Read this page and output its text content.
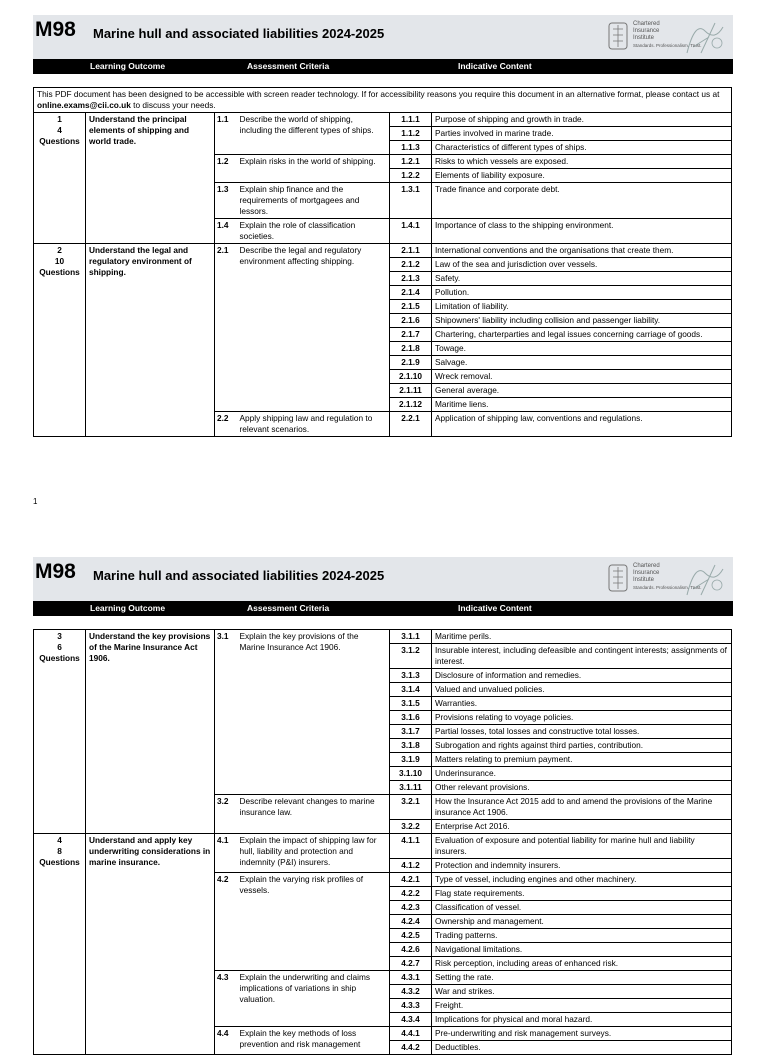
M98 Marine hull and associated liabilities 2024-2025
Chartered
Insurance
Institute
Standards. Professionalism. Trust.
Learning Outcome	Assessment Criteria	Indicative Content
This PDF document has been designed to be accessible with screen reader technology. If for accessibility reasons you require this document in an alternative format, please contact us at online.exams@cii.co.uk to discuss your needs.					

1
4
Questions	Understand the principal elements of shipping and world trade.	1.1	Describe the world of shipping, including the different types of ships.	1.1.1	Purpose of shipping and growth in trade.
				1.1.2	Parties involved in marine trade.
				1.1.3	Characteristics of different types of ships.
		1.2	Explain risks in the world of shipping.	1.2.1	Risks to which vessels are exposed.
				1.2.2	Elements of liability exposure.
		1.3	Explain ship finance and the requirements of mortgagees and lessors.	1.3.1	Trade finance and corporate debt.
		1.4	Explain the role of classification societies.	1.4.1	Importance of class to the shipping environment.

2
10
Questions	Understand the legal and regulatory environment of shipping.	2.1	Describe the legal and regulatory environment affecting shipping.	2.1.1	International conventions and the organisations that create them.
				2.1.2	Law of the sea and jurisdiction over vessels.
				2.1.3	Safety.
				2.1.4	Pollution.
				2.1.5	Limitation of liability.
				2.1.6	Shipowners' liability including collision and passenger liability.
				2.1.7	Chartering, charterparties and legal issues concerning carriage of goods.
				2.1.8	Towage.
				2.1.9	Salvage.
				2.1.10	Wreck removal.
				2.1.11	General average.
				2.1.12	Maritime liens.
		2.2	Apply shipping law and regulation to relevant scenarios.	2.2.1	Application of shipping law, conventions and regulations.
1
M98 Marine hull and associated liabilities 2024-2025
Chartered
Insurance
Institute
Standards. Professionalism. Trust.
Learning Outcome	Assessment Criteria	Indicative Content
3
6
Questions	Understand the key provisions of the Marine Insurance Act 1906.	3.1	Explain the key provisions of the Marine Insurance Act 1906.	3.1.1	Maritime perils.
				3.1.2	Insurable interest, including defeasible and contingent interests; assignments of interest.
				3.1.3	Disclosure of information and remedies.
				3.1.4	Valued and unvalued policies.
				3.1.5	Warranties.
				3.1.6	Provisions relating to voyage policies.
				3.1.7	Partial losses, total losses and constructive total losses.
				3.1.8	Subrogation and rights against third parties, contribution.
				3.1.9	Matters relating to premium payment.
				3.1.10	Underinsurance.
				3.1.11	Other relevant provisions.
		3.2	Describe relevant changes to marine insurance law.	3.2.1	How the Insurance Act 2015 add to and amend the provisions of the Marine insurance Act 1906.
				3.2.2	Enterprise Act 2016.

4
8
Questions	Understand and apply key underwriting considerations in marine insurance.	4.1	Explain the impact of shipping law for hull, liability and protection and indemnity (P&I) insurers.	4.1.1	Evaluation of exposure and potential liability for marine hull and liability insurers.
				4.1.2	Protection and indemnity insurers.
		4.2	Explain the varying risk profiles of vessels.	4.2.1	Type of vessel, including engines and other machinery.
				4.2.2	Flag state requirements.
				4.2.3	Classification of vessel.
				4.2.4	Ownership and management.
				4.2.5	Trading patterns.
				4.2.6	Navigational limitations.
				4.2.7	Risk perception, including areas of enhanced risk.
		4.3	Explain the underwriting and claims implications of variations in ship valuation.	4.3.1	Setting the rate.
				4.3.2	War and strikes.
				4.3.3	Freight.
				4.3.4	Implications for physical and moral hazard.
		4.4	Explain the key methods of loss prevention and risk management	4.4.1	Pre-underwriting and risk management surveys.
				4.4.2	Deductibles.
